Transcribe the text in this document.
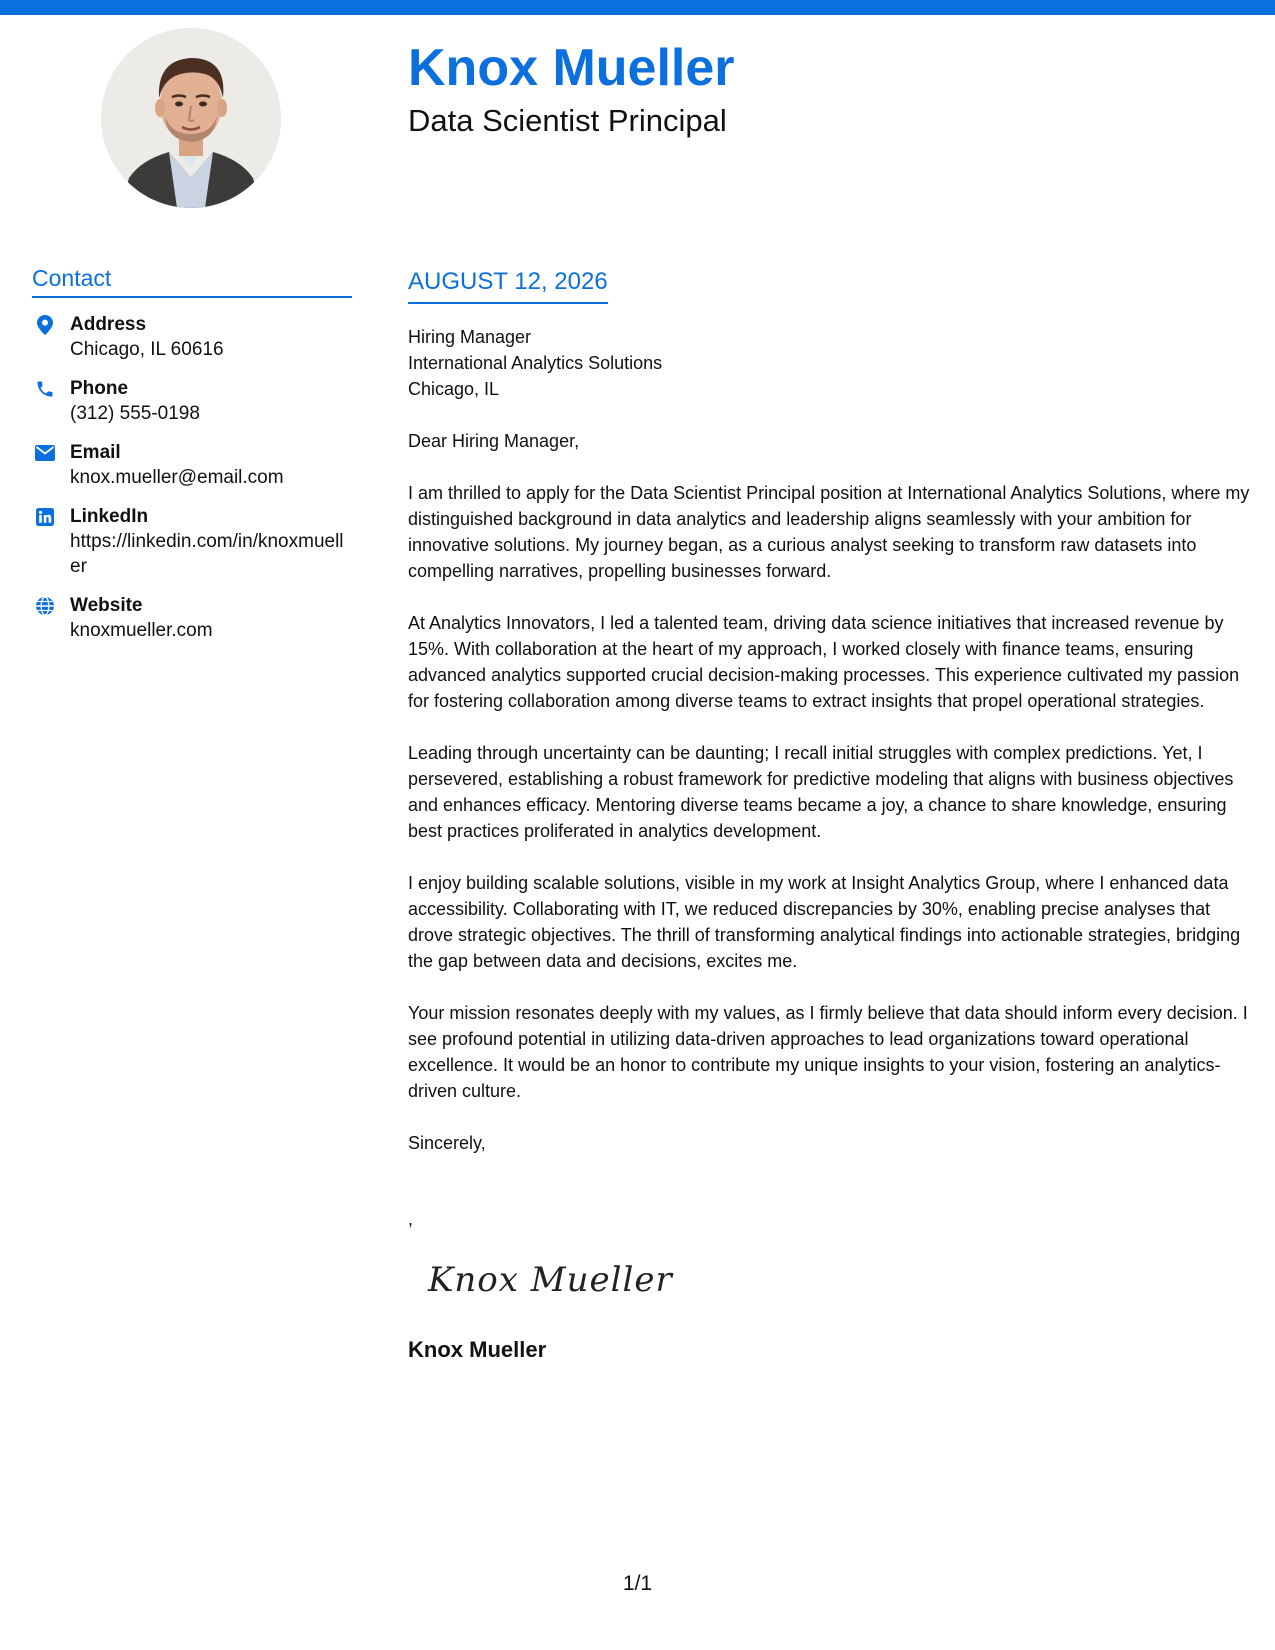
Knox Mueller
Data Scientist Principal
Contact
Address
Chicago, IL 60616
Phone
(312) 555-0198
Email
knox.mueller@email.com
LinkedIn
https://linkedin.com/in/knoxmueller
Website
knoxmueller.com
AUGUST 12, 2026
Hiring Manager
International Analytics Solutions
Chicago, IL
Dear Hiring Manager,
I am thrilled to apply for the Data Scientist Principal position at International Analytics Solutions, where my distinguished background in data analytics and leadership aligns seamlessly with your ambition for innovative solutions. My journey began, as a curious analyst seeking to transform raw datasets into compelling narratives, propelling businesses forward.
At Analytics Innovators, I led a talented team, driving data science initiatives that increased revenue by 15%. With collaboration at the heart of my approach, I worked closely with finance teams, ensuring advanced analytics supported crucial decision-making processes. This experience cultivated my passion for fostering collaboration among diverse teams to extract insights that propel operational strategies.
Leading through uncertainty can be daunting; I recall initial struggles with complex predictions. Yet, I persevered, establishing a robust framework for predictive modeling that aligns with business objectives and enhances efficacy. Mentoring diverse teams became a joy, a chance to share knowledge, ensuring best practices proliferated in analytics development.
I enjoy building scalable solutions, visible in my work at Insight Analytics Group, where I enhanced data accessibility. Collaborating with IT, we reduced discrepancies by 30%, enabling precise analyses that drove strategic objectives. The thrill of transforming analytical findings into actionable strategies, bridging the gap between data and decisions, excites me.
Your mission resonates deeply with my values, as I firmly believe that data should inform every decision. I see profound potential in utilizing data-driven approaches to lead organizations toward operational excellence. It would be an honor to contribute my unique insights to your vision, fostering an analytics-driven culture.
Sincerely,
,
Knox Mueller
Knox Mueller
1/1
